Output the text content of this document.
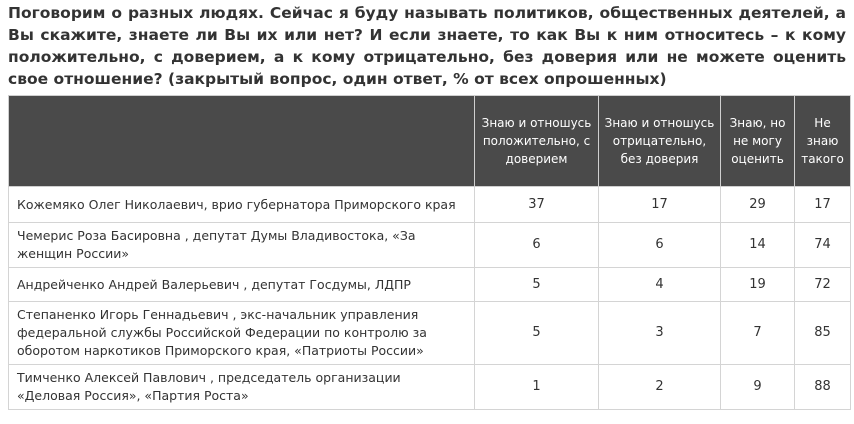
Поговорим о разных людях. Сейчас я буду называть политиков, общественных деятелей, а Вы скажите, знаете ли Вы их или нет? И если знаете, то как Вы к ним относитесь – к кому положительно, с доверием, а к кому отрицательно, без доверия или не можете оценить свое отношение? (закрытый вопрос, один ответ, % от всех опрошенных)
	Знаю и отношусь положительно, с доверием	Знаю и отношусь отрицательно, без доверия	Знаю, но не могу оценить	Не знаю такого
Кожемяко Олег Николаевич, врио губернатора Приморского края	37	17	29	17
Чемерис Роза Басировна , депутат Думы Владивостока, «За женщин России»	6	6	14	74
Андрейченко Андрей Валерьевич , депутат Госдумы, ЛДПР	5	4	19	72
Степаненко Игорь Геннадьевич , экс-начальник управления федеральной службы Российской Федерации по контролю за оборотом наркотиков Приморского края, «Патриоты России»	5	3	7	85
Тимченко Алексей Павлович , председатель организации «Деловая Россия», «Партия Роста»	1	2	9	88
